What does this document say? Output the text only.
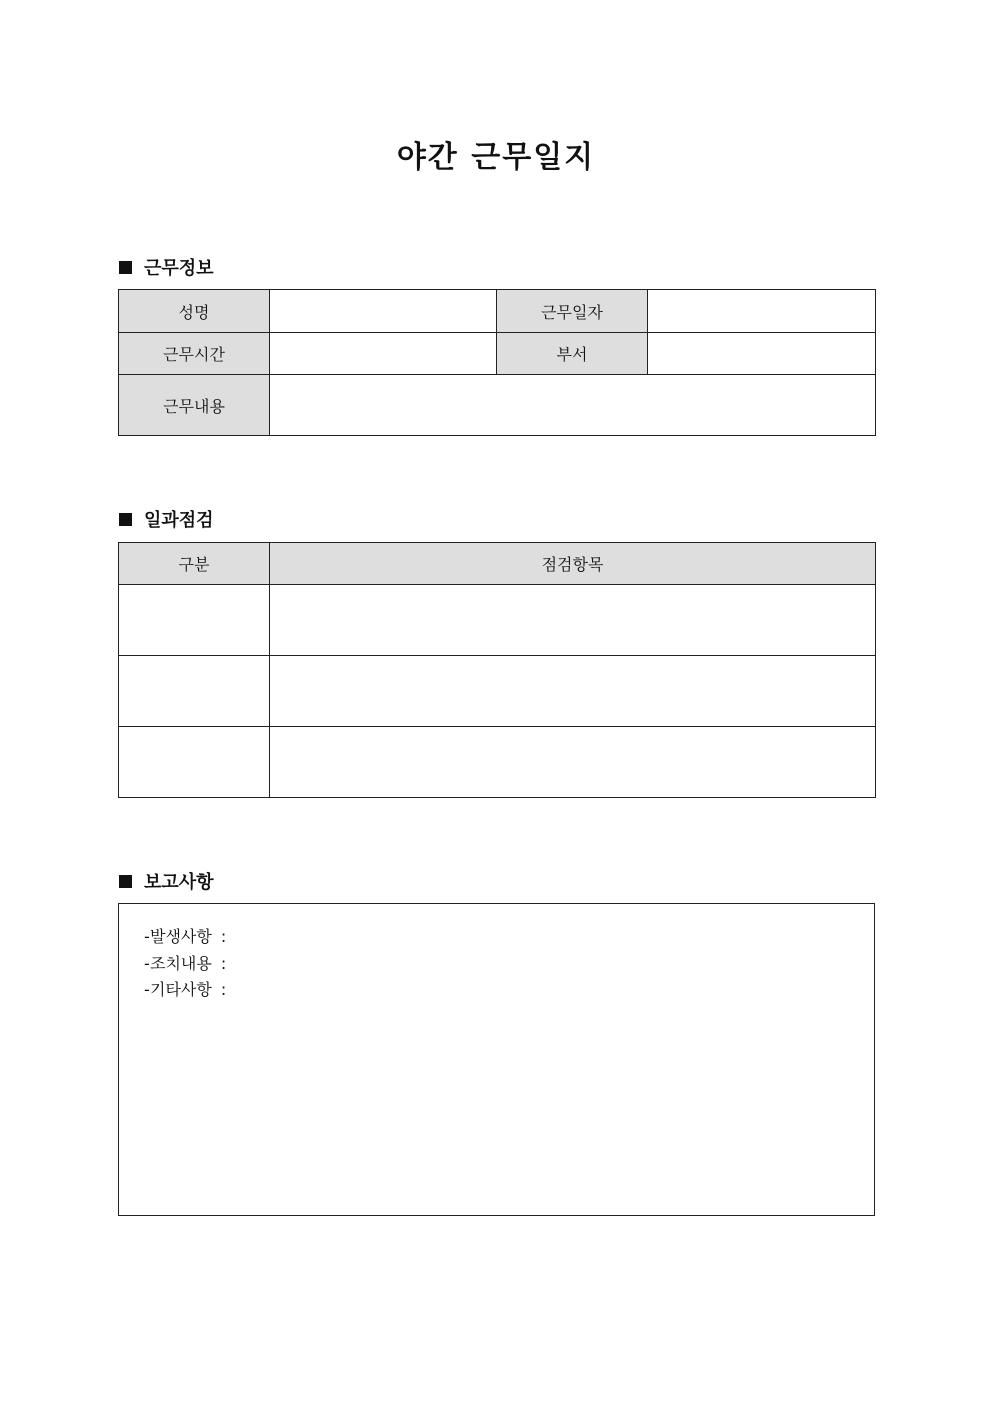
야간 근무일지
근무정보
성명		근무일자	
근무시간		부서	
근무내용			
일과점검
구분	점검항목

보고사항
- 발생사항 :
- 조치내용 :
- 기타사항 :
